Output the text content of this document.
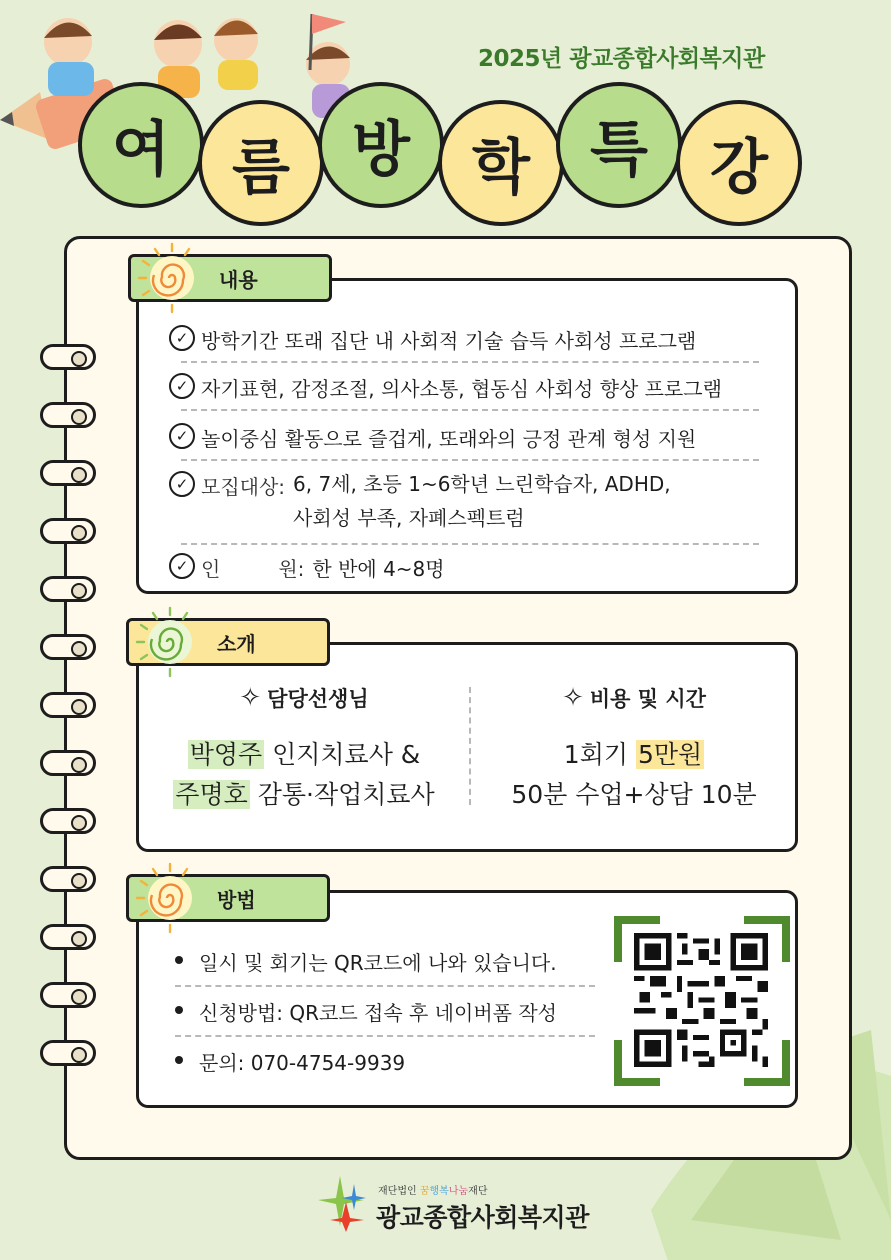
2025년 광교종합사회복지관
여	름	방	학	특	강
✓ 방학기간 또래 집단 내 사회적 기술 습득 사회성 프로그램
✓ 자기표현, 감정조절, 의사소통, 협동심 사회성 향상 프로그램
✓ 놀이중심 활동으로 즐겁게, 또래와의 긍정 관계 형성 지원
✓ 모집대상: 6, 7세, 초등 1~6학년 느린학습자, ADHD,
사회성 부족, 자폐스펙트럼
✓ 인	원: 한 반에 4~8명
내용
✧ 담당선생님
박영주 인지치료사 &
주명호 감통·작업치료사
✧ 비용 및 시간
1회기 5만원
50분 수업+상담 10분
소개
일시 및 회기는 QR코드에 나와 있습니다.
신청방법: QR코드 접속 후 네이버폼 작성
문의: 070-4754-9939
방법
재단법인 꿈행복나눔재단
광교종합사회복지관
